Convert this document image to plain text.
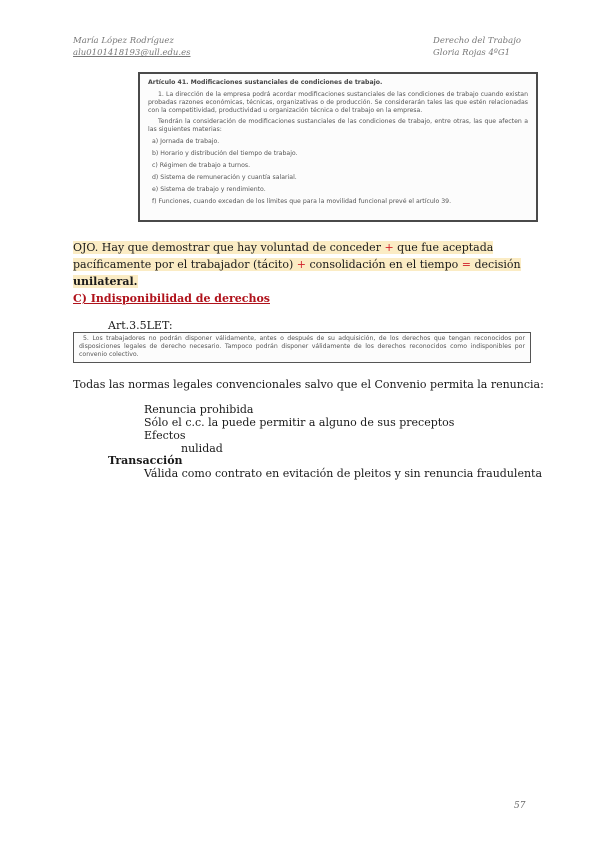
María López Rodríguez
alu0101418193@ull.edu.es
Derecho del Trabajo
Gloria Rojas 4ºG1
Artículo 41. Modificaciones sustanciales de condiciones de trabajo.
1. La dirección de la empresa podrá acordar modificaciones sustanciales de las condiciones de trabajo cuando existan probadas razones económicas, técnicas, organizativas o de producción. Se considerarán tales las que estén relacionadas con la competitividad, productividad u organización técnica o del trabajo en la empresa.
Tendrán la consideración de modificaciones sustanciales de las condiciones de trabajo, entre otras, las que afecten a las siguientes materias:
a) Jornada de trabajo.
b) Horario y distribución del tiempo de trabajo.
c) Régimen de trabajo a turnos.
d) Sistema de remuneración y cuantía salarial.
e) Sistema de trabajo y rendimiento.
f) Funciones, cuando excedan de los límites que para la movilidad funcional prevé el artículo 39.
OJO. Hay que demostrar que hay voluntad de conceder + que fue aceptada pacíficamente por el trabajador (tácito) + consolidación en el tiempo = decisión unilateral.
C) Indisponibilidad de derechos
Art.3.5LET:
5. Los trabajadores no podrán disponer válidamente, antes o después de su adquisición, de los derechos que tengan reconocidos por disposiciones legales de derecho necesario. Tampoco podrán disponer válidamente de los derechos reconocidos como indisponibles por convenio colectivo.
Todas las normas legales convencionales salvo que el Convenio permita la renuncia:
Renuncia prohibida
Sólo el c.c. la puede permitir a alguno de sus preceptos
Efectos
nulidad
Transacción
Válida como contrato en evitación de pleitos y sin renuncia fraudulenta
57
